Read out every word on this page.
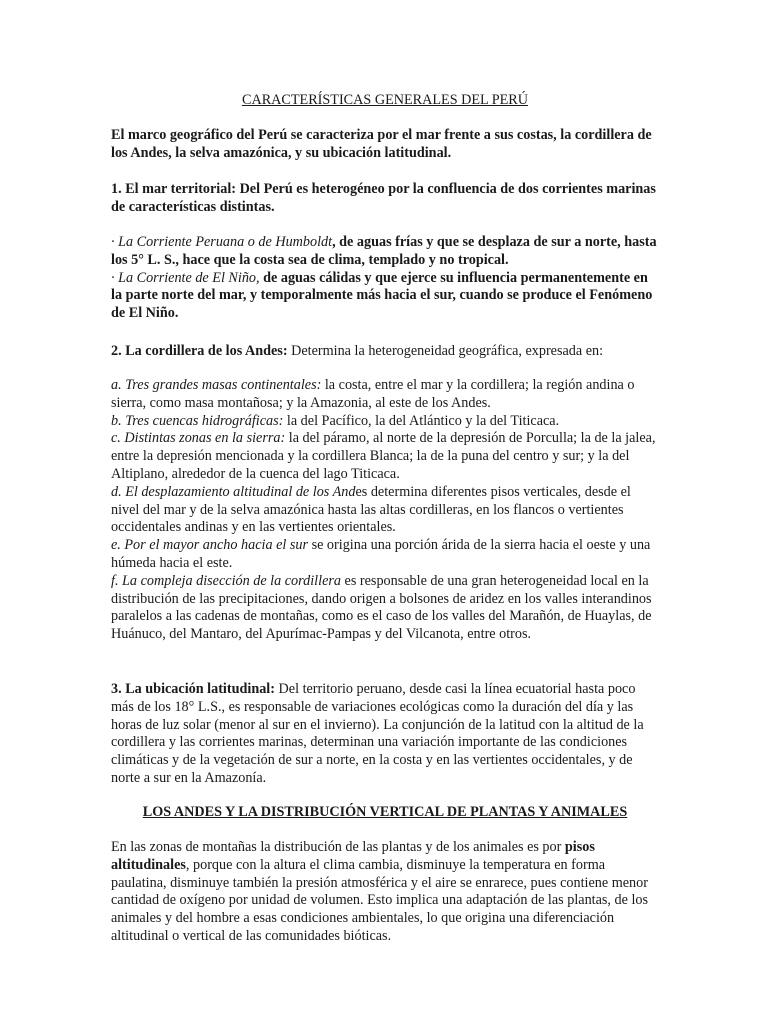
CARACTERÍSTICAS GENERALES DEL PERÚ
El marco geográfico del Perú se caracteriza por el mar frente a sus costas, la cordillera de los Andes, la selva amazónica, y su ubicación latitudinal.
1. El mar territorial: Del Perú es heterogéneo por la confluencia de dos corrientes marinas de características distintas.

· La Corriente Peruana o de Humboldt, de aguas frías y que se desplaza de sur a norte, hasta los 5° L. S., hace que la costa sea de clima, templado y no tropical.

· La Corriente de El Niño, de aguas cálidas y que ejerce su influencia permanentemente en la parte norte del mar, y temporalmente más hacia el sur, cuando se produce el Fenómeno de El Niño.

2. La cordillera de los Andes: Determina la heterogeneidad geográfica, expresada en:

a. Tres grandes masas continentales: la costa, entre el mar y la cordillera; la región andina o sierra, como masa montañosa; y la Amazonia, al este de los Andes.

b. Tres cuencas hidrográficas: la del Pacífico, la del Atlántico y la del Titicaca.

c. Distintas zonas en la sierra: la del páramo, al norte de la depresión de Porculla; la de la jalea, entre la depresión mencionada y la cordillera Blanca; la de la puna del centro y sur; y la del Altiplano, alrededor de la cuenca del lago Titicaca.

d. El desplazamiento altitudinal de los Andes determina diferentes pisos verticales, desde el nivel del mar y de la selva amazónica hasta las altas cordilleras, en los flancos o vertientes occidentales andinas y en las vertientes orientales.

e. Por el mayor ancho hacia el sur se origina una porción árida de la sierra hacia el oeste y una húmeda hacia el este.

f. La compleja disección de la cordillera es responsable de una gran heterogeneidad local en la distribución de las precipitaciones, dando origen a bolsones de aridez en los valles interandinos paralelos a las cadenas de montañas, como es el caso de los valles del Marañón, de Huaylas, de Huánuco, del Mantaro, del Apurímac-Pampas y del Vilcanota, entre otros.

3. La ubicación latitudinal: Del territorio peruano, desde casi la línea ecuatorial hasta poco más de los 18° L.S., es responsable de variaciones ecológicas como la duración del día y las horas de luz solar (menor al sur en el invierno). La conjunción de la latitud con la altitud de la cordillera y las corrientes marinas, determinan una variación importante de las condiciones climáticas y de la vegetación de sur a norte, en la costa y en las vertientes occidentales, y de norte a sur en la Amazonía.
LOS ANDES Y LA DISTRIBUCIÓN VERTICAL DE PLANTAS Y ANIMALES
En las zonas de montañas la distribución de las plantas y de los animales es por pisos altitudinales, porque con la altura el clima cambia, disminuye la temperatura en forma paulatina, disminuye también la presión atmosférica y el aire se enrarece, pues contiene menor cantidad de oxígeno por unidad de volumen. Esto implica una adaptación de las plantas, de los animales y del hombre a esas condiciones ambientales, lo que origina una diferenciación altitudinal o vertical de las comunidades bióticas.
